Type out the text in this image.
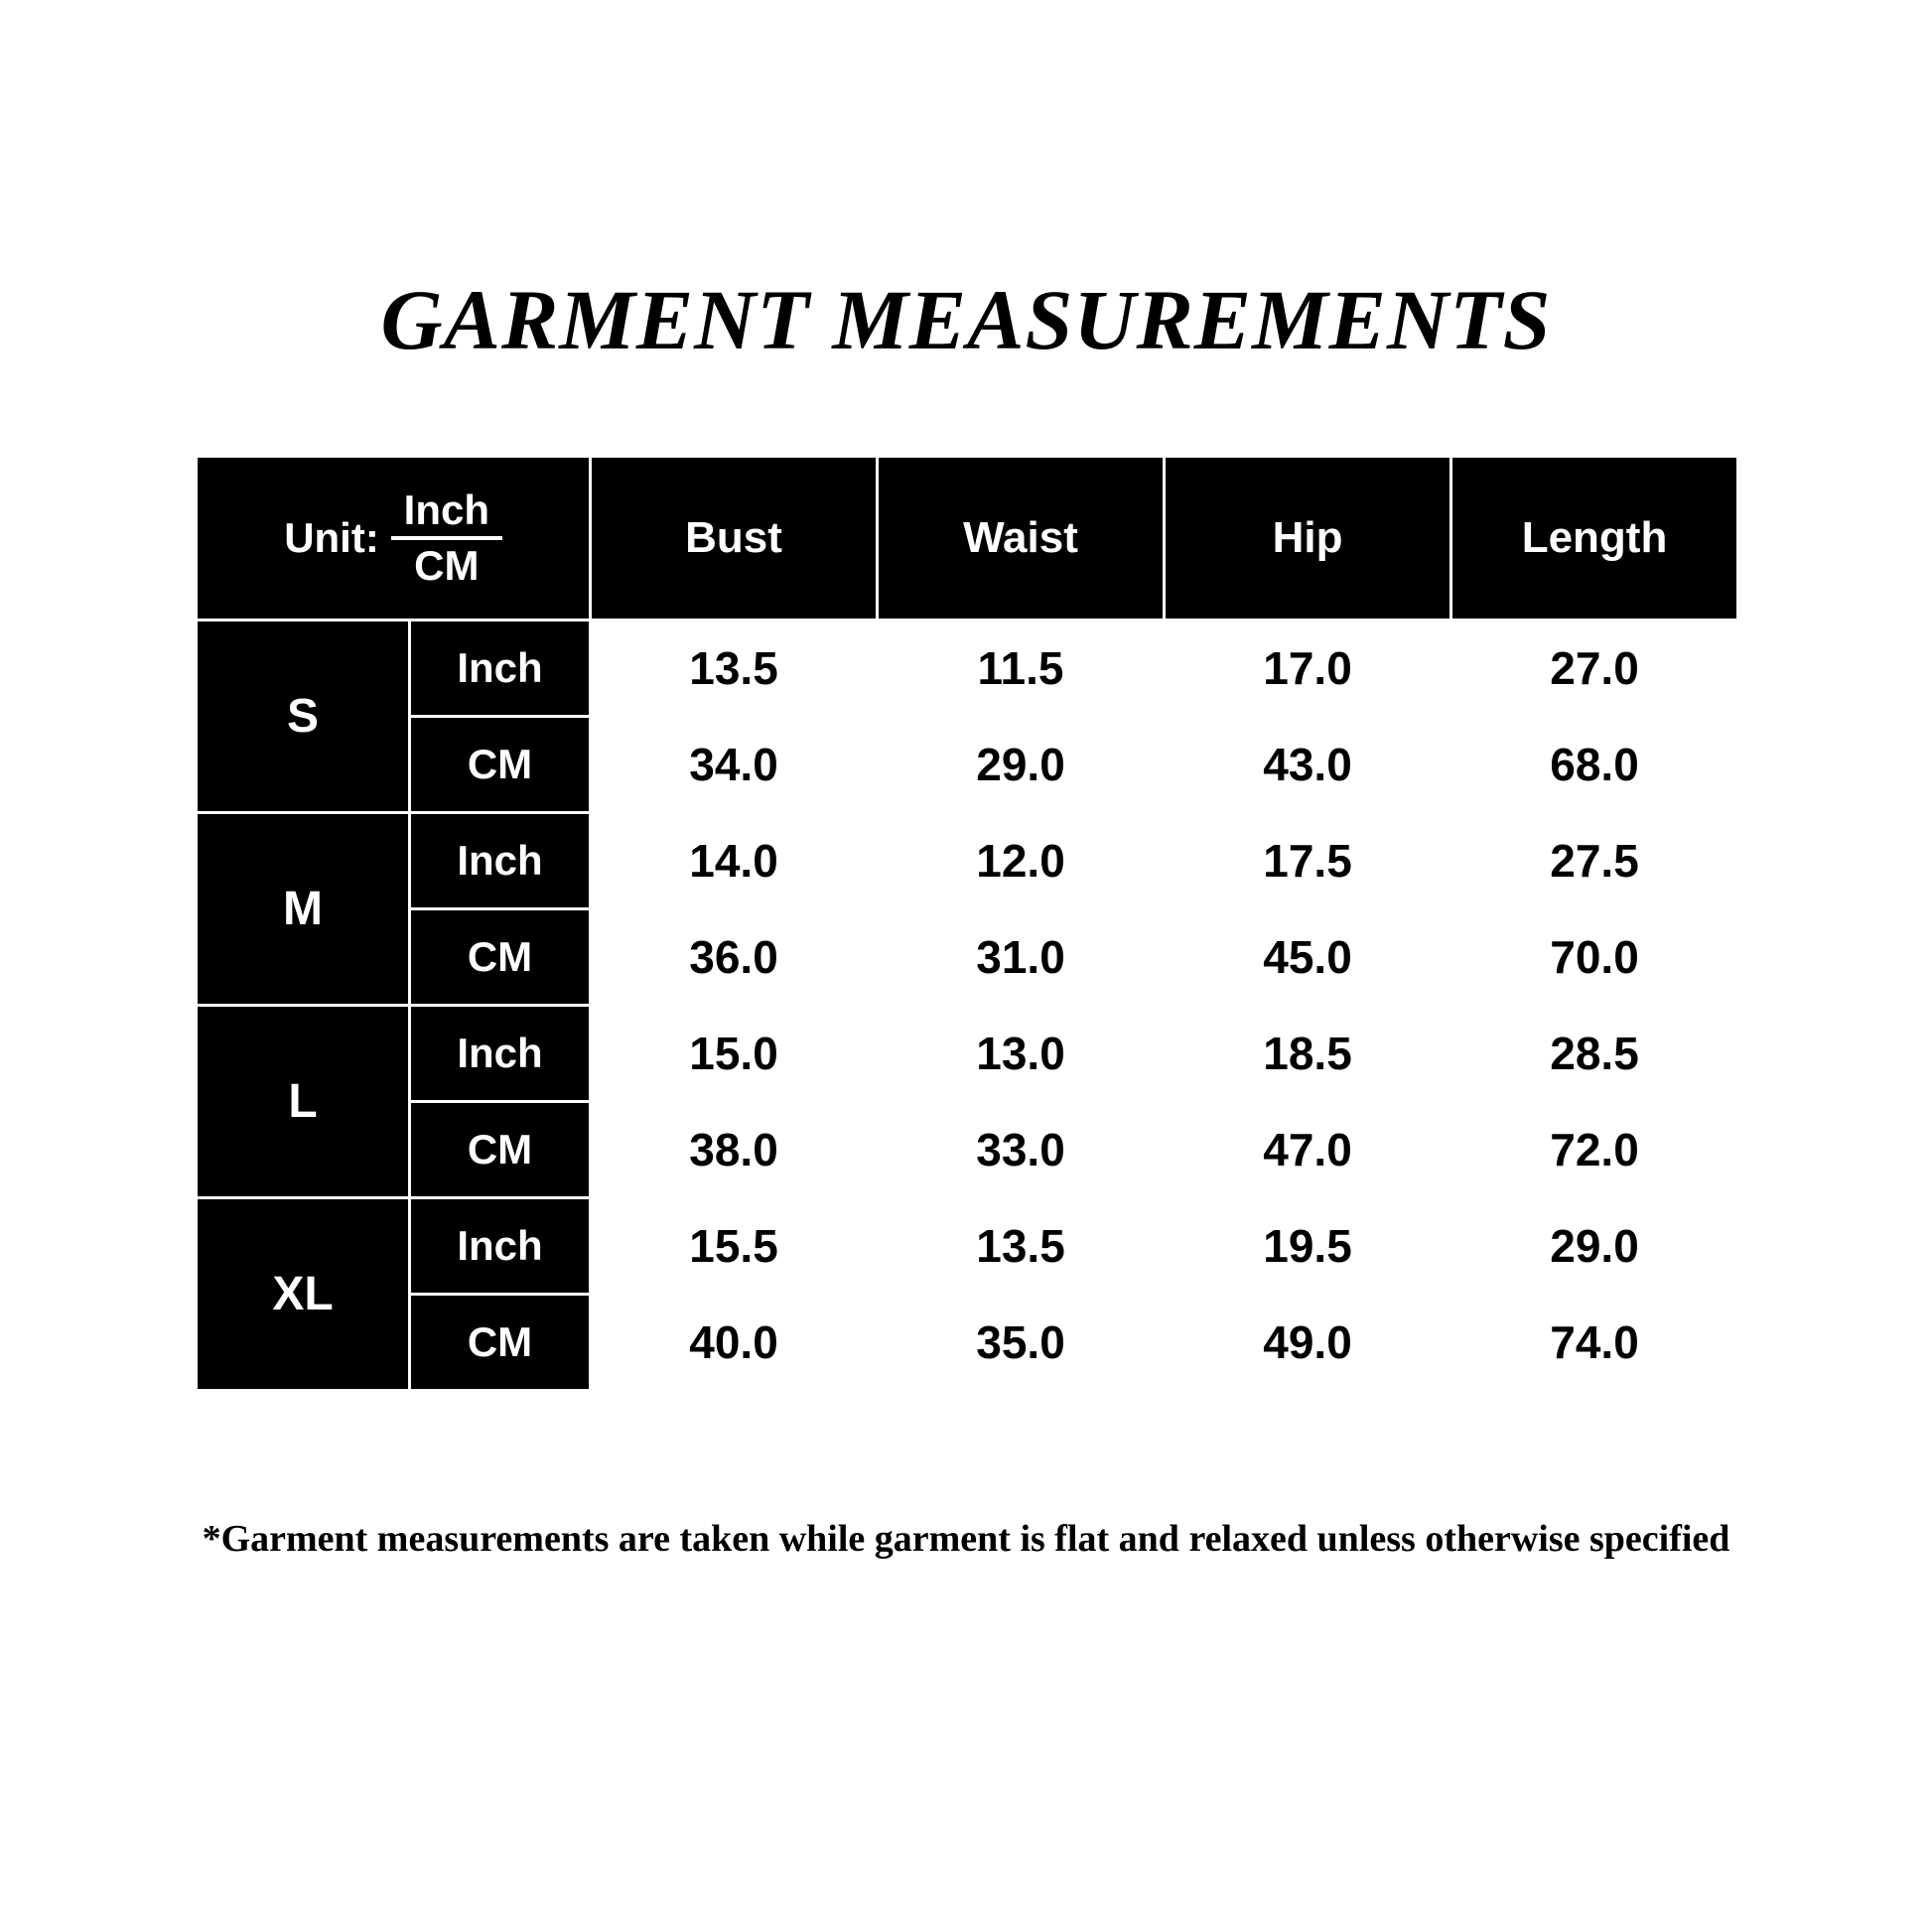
GARMENT MEASUREMENTS
Unit: $\frac{\text{Inch}}{CM}$		Bust	Waist	Hip	Length
S	Inch	13.5	11.5	17.0	27.0
	CM	34.0	29.0	43.0	68.0
M	Inch	14.0	12.0	17.5	27.5
	CM	36.0	31.0	45.0	70.0
L	Inch	15.0	13.0	18.5	28.5
	CM	38.0	33.0	47.0	72.0
XL	Inch	15.5	13.5	19.5	29.0
	CM	40.0	35.0	49.0	74.0
*Garment measurements are taken while garment is flat and relaxed unless otherwise specified
